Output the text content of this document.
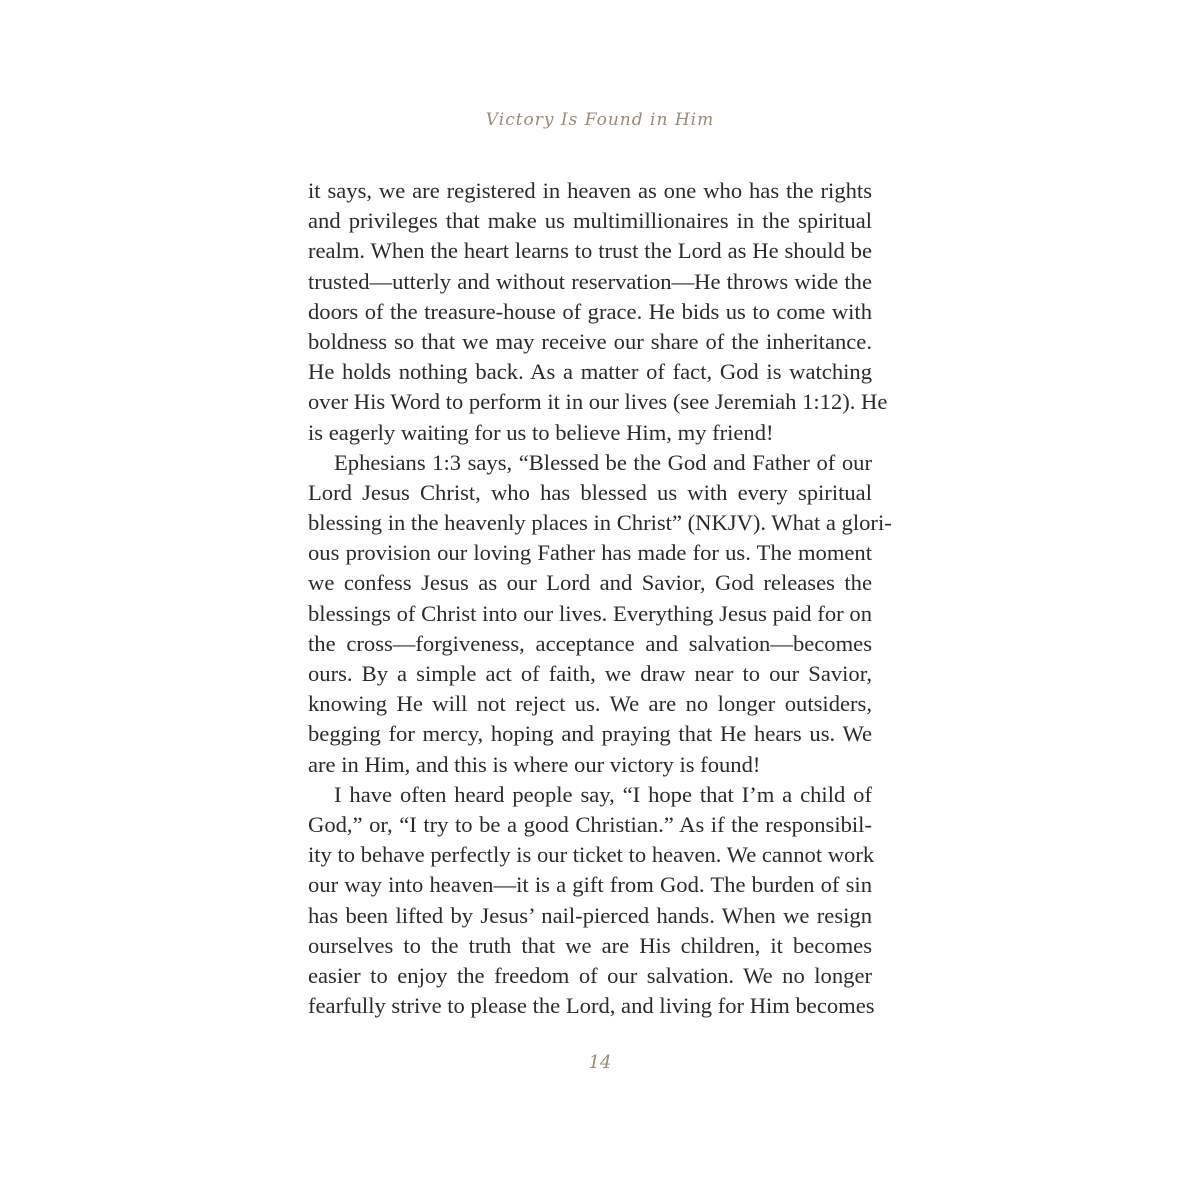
Victory Is Found in Him
it says, we are registered in heaven as one who has the rights
and privileges that make us multimillionaires in the spiritual
realm. When the heart learns to trust the Lord as He should be
trusted—utterly and without reservation—He throws wide the
doors of the treasure-house of grace. He bids us to come with
boldness so that we may receive our share of the inheritance.
He holds nothing back. As a matter of fact, God is watching
over His Word to perform it in our lives (see Jeremiah 1:12). He
is eagerly waiting for us to believe Him, my friend!
Ephesians 1:3 says, “Blessed be the God and Father of our
Lord Jesus Christ, who has blessed us with every spiritual
blessing in the heavenly places in Christ” (NKJV). What a glori-
ous provision our loving Father has made for us. The moment
we confess Jesus as our Lord and Savior, God releases the
blessings of Christ into our lives. Everything Jesus paid for on
the cross—forgiveness, acceptance and salvation—becomes
ours. By a simple act of faith, we draw near to our Savior,
knowing He will not reject us. We are no longer outsiders,
begging for mercy, hoping and praying that He hears us. We
are in Him, and this is where our victory is found!
I have often heard people say, “I hope that I’m a child of
God,” or, “I try to be a good Christian.” As if the responsibil-
ity to behave perfectly is our ticket to heaven. We cannot work
our way into heaven—it is a gift from God. The burden of sin
has been lifted by Jesus’ nail-pierced hands. When we resign
ourselves to the truth that we are His children, it becomes
easier to enjoy the freedom of our salvation. We no longer
fearfully strive to please the Lord, and living for Him becomes
14
